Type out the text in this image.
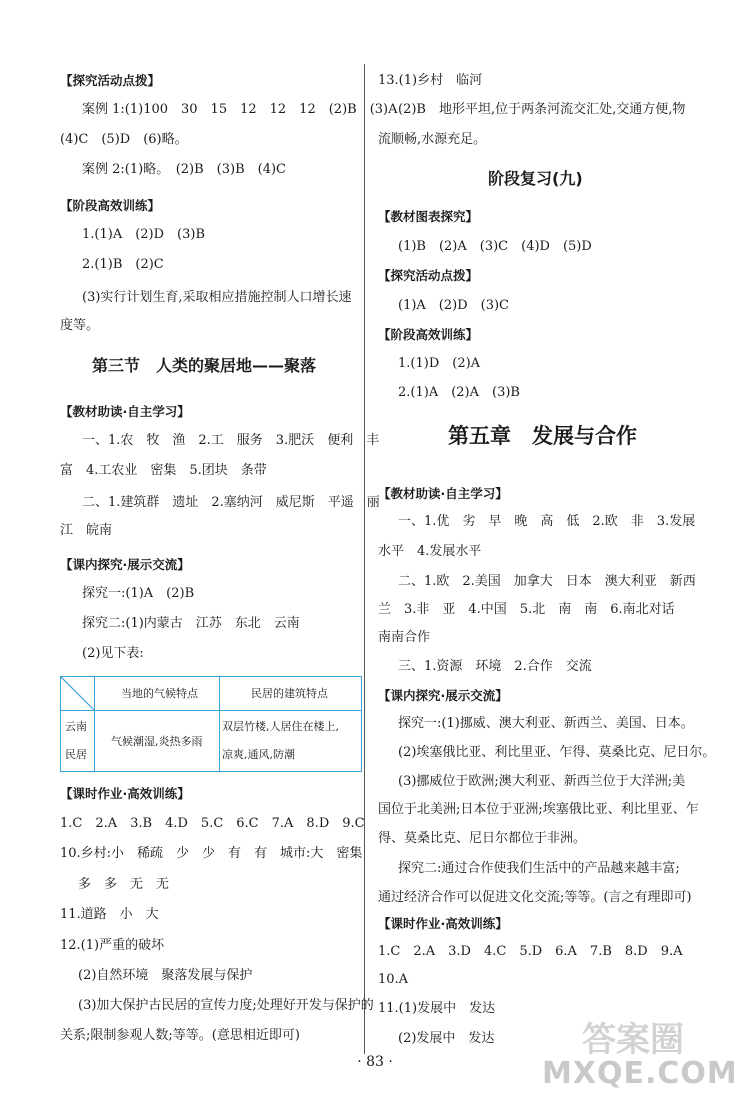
【探究活动点拨】
案例 1:(1)100　30　15　12　12　12　(2)B　(3)A
(4)C　(5)D　(6)略。
案例 2:(1)略。　(2)B　(3)B　(4)C
【阶段高效训练】
1.(1)A　(2)D　(3)B
2.(1)B　(2)C
(3)实行计划生育,采取相应措施控制人口增长速
度等。
第三节　人类的聚居地——聚落
【教材助读·自主学习】
一、1.农　牧　渔　2.工　服务　3.肥沃　便利　丰
富　4.工农业　密集　5.团块　条带
二、1.建筑群　遗址　2.塞纳河　威尼斯　平遥　丽
江　皖南
【课内探究·展示交流】
探究一:(1)A　(2)B
探究二:(1)内蒙古　江苏　东北　云南
(2)见下表:
当地的气候特点	民居的建筑特点
云南
民居
气候潮湿,炎热多雨
双层竹楼,人居住在楼上,
凉爽,通风,防潮
【课时作业·高效训练】
1.C　2.A　3.B　4.D　5.C　6.C　7.A　8.D　9.C
10.乡村:小　稀疏　少　少　有　有　城市:大　密集
多　多　无　无
11.道路　小　大
12.(1)严重的破坏
(2)自然环境　聚落发展与保护
(3)加大保护古民居的宣传力度;处理好开发与保护的
关系;限制参观人数;等等。(意思相近即可)
13.(1)乡村　临河
(2)B　地形平坦,位于两条河流交汇处,交通方便,物
流顺畅,水源充足。
阶段复习(九)
【教材图表探究】
(1)B　(2)A　(3)C　(4)D　(5)D
【探究活动点拨】
(1)A　(2)D　(3)C
【阶段高效训练】
1.(1)D　(2)A
2.(1)A　(2)A　(3)B
第五章　发展与合作
【教材助读·自主学习】
一、1.优　劣　早　晚　高　低　2.欧　非　3.发展
水平　4.发展水平
二、1.欧　2.美国　加拿大　日本　澳大利亚　新西
兰　3.非　亚　4.中国　5.北　南　南　6.南北对话
南南合作
三、1.资源　环境　2.合作　交流
【课内探究·展示交流】
探究一:(1)挪威、澳大利亚、新西兰、美国、日本。
(2)埃塞俄比亚、利比里亚、乍得、莫桑比克、尼日尔。
(3)挪威位于欧洲;澳大利亚、新西兰位于大洋洲;美
国位于北美洲;日本位于亚洲;埃塞俄比亚、利比里亚、乍
得、莫桑比克、尼日尔都位于非洲。
探究二:通过合作使我们生活中的产品越来越丰富;
通过经济合作可以促进文化交流;等等。(言之有理即可)
【课时作业·高效训练】
1.C　2.A　3.D　4.C　5.D　6.A　7.B　8.D　9.A
10.A
11.(1)发展中　发达
(2)发展中　发达
· 83 ·
答案圈
MXQE.COM
